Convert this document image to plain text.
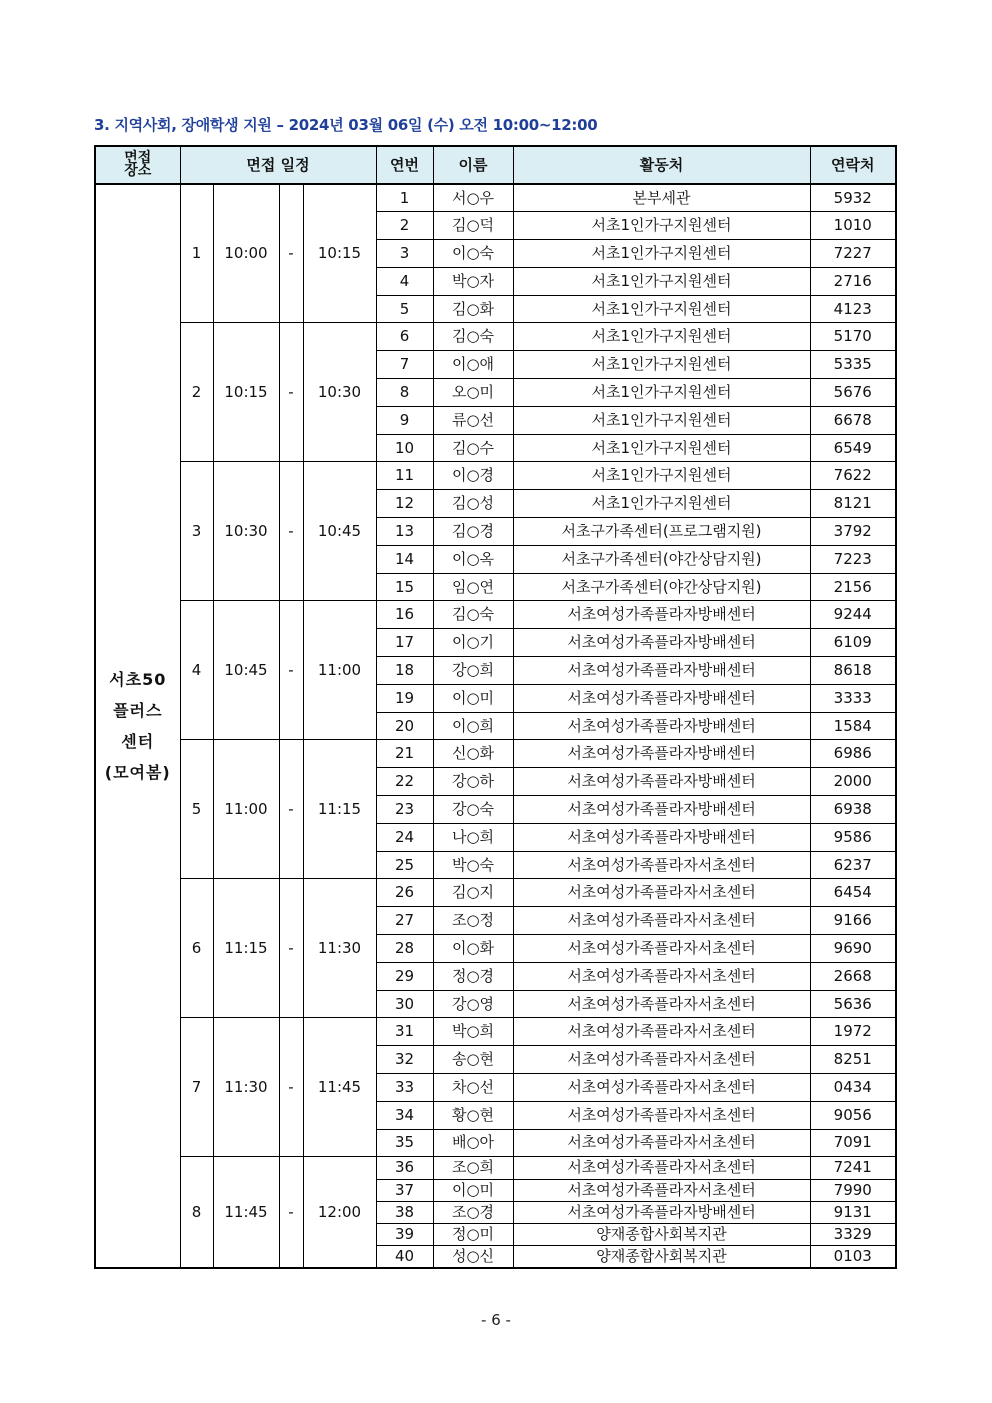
3. 지역사회, 장애학생 지원 – 2024년 03월 06일 (수) 오전 10:00~12:00
면접
장소	면접 일정				연번	이름	활동처	연락처
서초50
플러스
센터
(모여봄)	1	10:00	-	10:15	1	서○우	본부세관	5932
					2	김○덕	서초1인가구지원센터	1010
					3	이○숙	서초1인가구지원센터	7227
					4	박○자	서초1인가구지원센터	2716
					5	김○화	서초1인가구지원센터	4123
	2	10:15	-	10:30	6	김○숙	서초1인가구지원센터	5170
					7	이○애	서초1인가구지원센터	5335
					8	오○미	서초1인가구지원센터	5676
					9	류○선	서초1인가구지원센터	6678
					10	김○수	서초1인가구지원센터	6549
	3	10:30	-	10:45	11	이○경	서초1인가구지원센터	7622
					12	김○성	서초1인가구지원센터	8121
					13	김○경	서초구가족센터(프로그램지원)	3792
					14	이○옥	서초구가족센터(야간상담지원)	7223
					15	임○연	서초구가족센터(야간상담지원)	2156
	4	10:45	-	11:00	16	김○숙	서초여성가족플라자방배센터	9244
					17	이○기	서초여성가족플라자방배센터	6109
					18	강○희	서초여성가족플라자방배센터	8618
					19	이○미	서초여성가족플라자방배센터	3333
					20	이○희	서초여성가족플라자방배센터	1584
	5	11:00	-	11:15	21	신○화	서초여성가족플라자방배센터	6986
					22	강○하	서초여성가족플라자방배센터	2000
					23	강○숙	서초여성가족플라자방배센터	6938
					24	나○희	서초여성가족플라자방배센터	9586
					25	박○숙	서초여성가족플라자서초센터	6237
	6	11:15	-	11:30	26	김○지	서초여성가족플라자서초센터	6454
					27	조○정	서초여성가족플라자서초센터	9166
					28	이○화	서초여성가족플라자서초센터	9690
					29	정○경	서초여성가족플라자서초센터	2668
					30	강○영	서초여성가족플라자서초센터	5636
	7	11:30	-	11:45	31	박○희	서초여성가족플라자서초센터	1972
					32	송○현	서초여성가족플라자서초센터	8251
					33	차○선	서초여성가족플라자서초센터	0434
					34	황○현	서초여성가족플라자서초센터	9056
					35	배○아	서초여성가족플라자서초센터	7091
	8	11:45	-	12:00	36	조○희	서초여성가족플라자서초센터	7241
					37	이○미	서초여성가족플라자서초센터	7990
					38	조○경	서초여성가족플라자방배센터	9131
					39	정○미	양재종합사회복지관	3329
					40	성○신	양재종합사회복지관	0103
- 6 -
